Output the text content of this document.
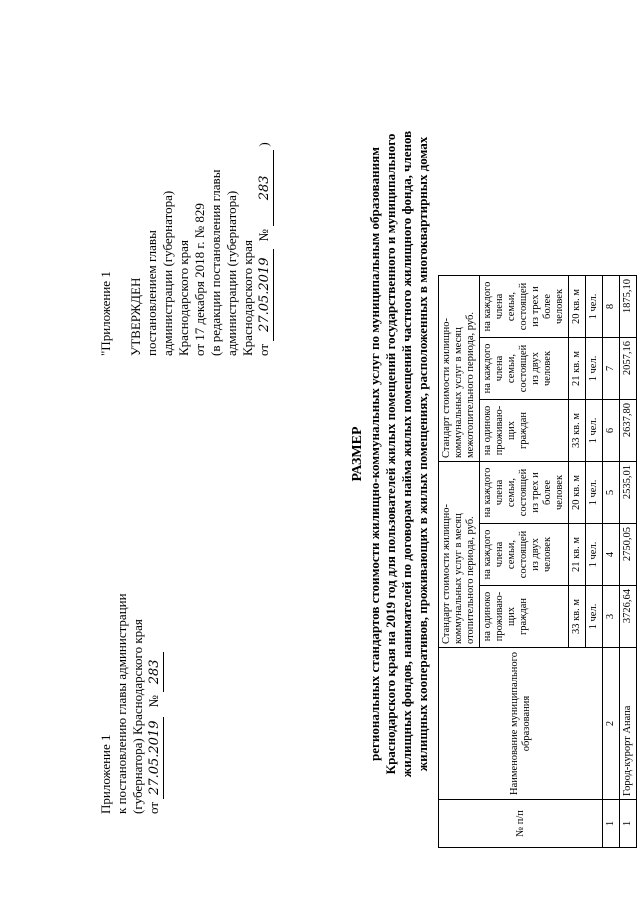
Приложение 1 к постановлению главы администрации (губернатора) Краснодарского края от 27.05.2019 № 283
"Приложение 1 УТВЕРЖДЕН постановлением главы администрации (губернатора) Краснодарского края от 17 декабря 2018 г. № 829 (в редакции постановления главы администрации (губернатора) Краснодарского края от 27.05.2019 № 283 )
РАЗМЕР региональных стандартов стоимости жилищно-коммунальных услуг по муниципальным образованиям Краснодарского края на 2019 год для пользователей жилых помещений государственного и муниципального жилищных фондов, нанимателей по договорам найма жилых помещений частного жилищного фонда, членов жилищных кооперативов, проживающих в жилых помещениях, расположенных в многоквартирных домах
№ п/п	Наименование муниципального образования	Стандарт стоимости жилищно-коммунальных услуг в месяц отопительного периода, руб.			Стандарт стоимости жилищно-коммунальных услуг в месяц межотопительного периода, руб.		
		на одиноко проживаю-щих граждан	на каждого члена семьи, состоящей из двух человек	на каждого члена семьи, состоящей из трех и более человек	на одиноко проживаю-щих граждан	на каждого члена семьи, состоящей из двух человек	на каждого члена семьи, состоящей из трех и более человек
		33 кв. м	21 кв. м	20 кв. м	33 кв. м	21 кв. м	20 кв. м
		1 чел.	1 чел.	1 чел.	1 чел.	1 чел.	1 чел.
1	2	3	4	5	6	7	8
1	Город-курорт Анапа	3726,64	2750,05	2535,01	2637,80	2057,16	1875,10
